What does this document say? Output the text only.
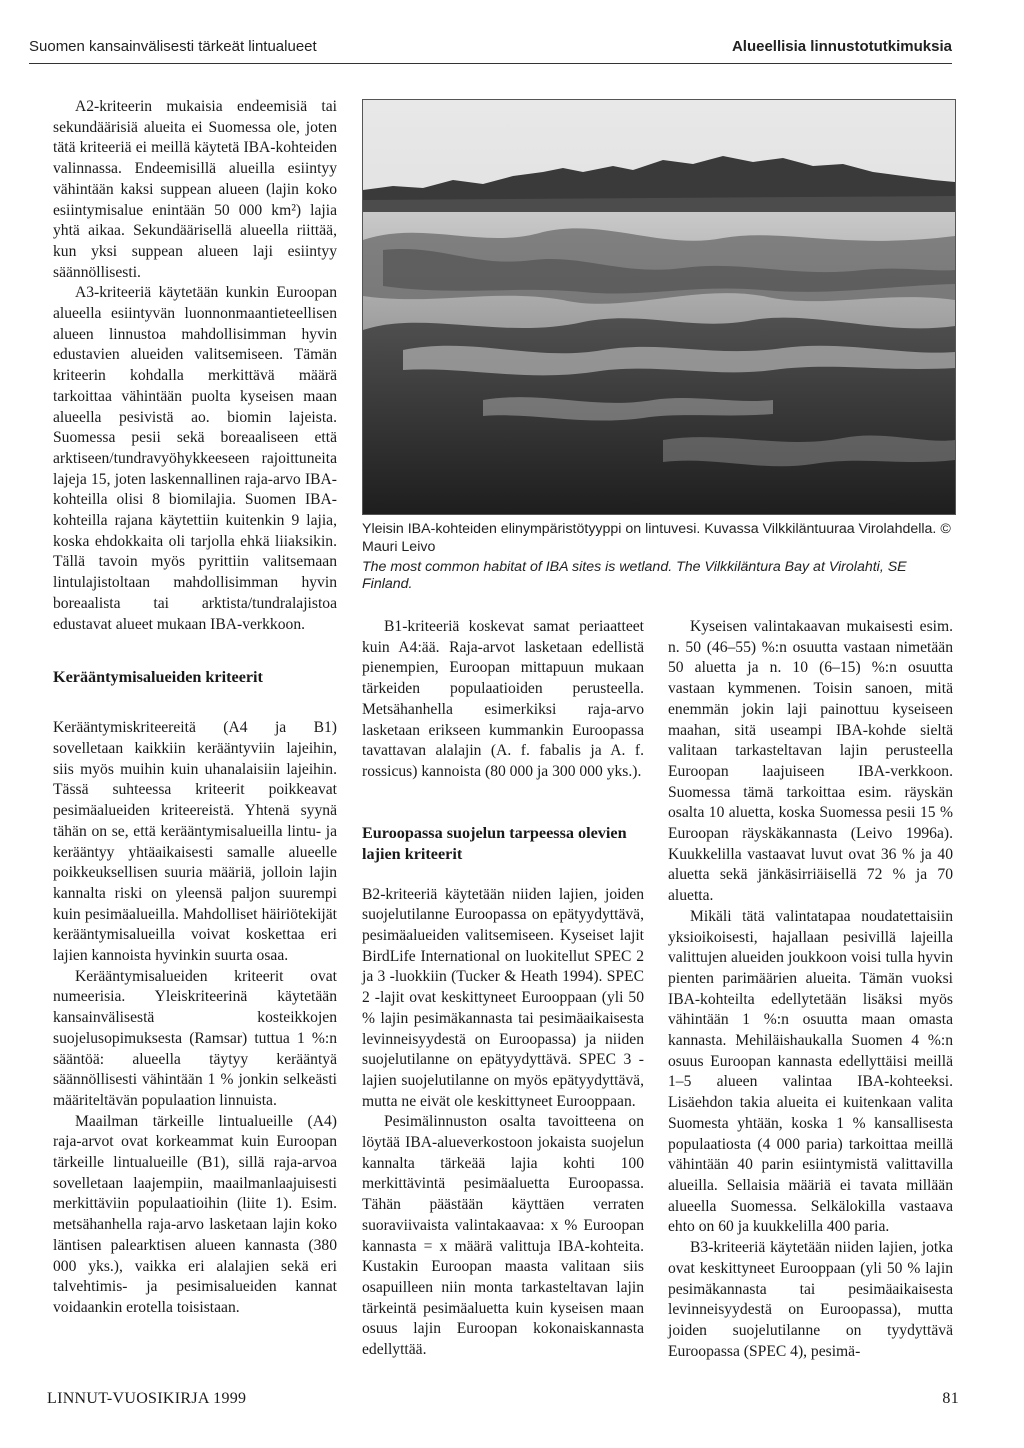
Suomen kansainvälisesti tärkeät lintualueet	Alueellisia linnustotutkimuksia

A2-kriteerin mukaisia endeemisiä tai sekundäärisiä alueita ei Suomessa ole, joten tätä kriteeriä ei meillä käytetä IBA-kohteiden valinnassa. Endeemisillä alueilla esiintyy vähintään kaksi suppean alueen (lajin koko esiintymisalue enintään 50 000 km²) lajia yhtä aikaa. Sekundäärisellä alueella riittää, kun yksi suppean alueen laji esiintyy säännöllisesti.

A3-kriteeriä käytetään kunkin Euroopan alueella esiintyvän luonnonmaantieteellisen alueen linnustoa mahdollisimman hyvin edustavien alueiden valitsemiseen. Tämän kriteerin kohdalla merkittävä määrä tarkoittaa vähintään puolta kyseisen maan alueella pesivistä ao. biomin lajeista. Suomessa pesii sekä boreaaliseen että arktiseen/tundravyöhykkeeseen rajoittuneita lajeja 15, joten laskennallinen raja-arvo IBA-kohteilla olisi 8 biomilajia. Suomen IBA-kohteilla rajana käytettiin kuitenkin 9 lajia, koska ehdokkaita oli tarjolla ehkä liiaksikin. Tällä tavoin myös pyrittiin valitsemaan lintulajistoltaan mahdollisimman hyvin boreaalista tai arktista/tundralajistoa edustavat alueet mukaan IBA-verkkoon.

Kerääntymisalueiden kriteerit

Kerääntymiskriteereitä (A4 ja B1) sovelletaan kaikkiin kerääntyviin lajeihin, siis myös muihin kuin uhanalaisiin lajeihin. Tässä suhteessa kriteerit poikkeavat pesimäalueiden kriteereistä. Yhtenä syynä tähän on se, että kerääntymisalueilla lintu- ja kerääntyy yhtäaikaisesti samalle alueelle poikkeuksellisen suuria määriä, jolloin lajin kannalta riski on yleensä paljon suurempi kuin pesimäalueilla. Mahdolliset häiriötekijät kerääntymisalueilla voivat koskettaa eri lajien kannoista hyvinkin suurta osaa.

Kerääntymisalueiden kriteerit ovat numeerisia. Yleiskriteerinä käytetään kansainvälisestä kosteikkojen suojelusopimuksesta (Ramsar) tuttua 1 %:n sääntöä: alueella täytyy kerääntyä säännöllisesti vähintään 1 % jonkin selkeästi määriteltävän populaation linnuista.

Maailman tärkeille lintualueille (A4) raja-arvot ovat korkeammat kuin Euroopan tärkeille lintualueille (B1), sillä raja-arvoa sovelletaan laajempiin, maailmanlaajuisesti merkittäviin populaatioihin (liite 1). Esim. metsähanhella raja-arvo lasketaan lajin koko läntisen palearktisen alueen kannasta (380 000 yks.), vaikka eri alalajien sekä eri talvehtimis- ja pesimisalueiden kannat voidaankin erotella toisistaan.

Yleisin IBA-kohteiden elinympäristötyyppi on lintuvesi. Kuvassa Vilkkiläntuuraa Virolahdella. © Mauri Leivo

The most common habitat of IBA sites is wetland. The Vilkkiläntura Bay at Virolahti, SE Finland.

B1-kriteeriä koskevat samat periaatteet kuin A4:ää. Raja-arvot lasketaan edellistä pienempien, Euroopan mittapuun mukaan tärkeiden populaatioiden perusteella. Metsähanhella esimerkiksi raja-arvo lasketaan erikseen kummankin Euroopassa tavattavan alalajin (A. f. fabalis ja A. f. rossicus) kannoista (80 000 ja 300 000 yks.).

Euroopassa suojelun tarpeessa olevien lajien kriteerit

B2-kriteeriä käytetään niiden lajien, joiden suojelutilanne Euroopassa on epätyydyttävä, pesimäalueiden valitsemiseen. Kyseiset lajit BirdLife International on luokitellut SPEC 2 ja 3 -luokkiin (Tucker & Heath 1994). SPEC 2 -lajit ovat keskittyneet Eurooppaan (yli 50 % lajin pesimäkannasta tai pesimäaikaisesta levinneisyydestä on Euroopassa) ja niiden suojelutilanne on epätyydyttävä. SPEC 3 -lajien suojelutilanne on myös epätyydyttävä, mutta ne eivät ole keskittyneet Eurooppaan.

Pesimälinnuston osalta tavoitteena on löytää IBA-alueverkostoon jokaista suojelun kannalta tärkeää lajia kohti 100 merkittävintä pesimäaluetta Euroopassa. Tähän päästään käyttäen verraten suoraviivaista valintakaavaa: x % Euroopan kannasta = x määrä valittuja IBA-kohteita. Kustakin Euroopan maasta valitaan siis osapuilleen niin monta tarkasteltavan lajin tärkeintä pesimäaluetta kuin kyseisen maan osuus lajin Euroopan kokonaiskannasta edellyttää.

Kyseisen valintakaavan mukaisesti esim. n. 50 (46–55) %:n osuutta vastaan nimetään 50 aluetta ja n. 10 (6–15) %:n osuutta vastaan kymmenen. Toisin sanoen, mitä enemmän jokin laji painottuu kyseiseen maahan, sitä useampi IBA-kohde sieltä valitaan tarkasteltavan lajin perusteella Euroopan laajuiseen IBA-verkkoon. Suomessa tämä tarkoittaa esim. räyskän osalta 10 aluetta, koska Suomessa pesii 15 % Euroopan räyskäkannasta (Leivo 1996a). Kuukkelilla vastaavat luvut ovat 36 % ja 40 aluetta sekä jänkäsirriäisellä 72 % ja 70 aluetta.

Mikäli tätä valintatapaa noudatettaisiin yksioikoisesti, hajallaan pesivillä lajeilla valittujen alueiden joukkoon voisi tulla hyvin pienten parimäärien alueita. Tämän vuoksi IBA-kohteilta edellytetään lisäksi myös vähintään 1 %:n osuutta maan omasta kannasta. Mehiläishaukalla Suomen 4 %:n osuus Euroopan kannasta edellyttäisi meillä 1–5 alueen valintaa IBA-kohteeksi. Lisäehdon takia alueita ei kuitenkaan valita Suomesta yhtään, koska 1 % kansallisesta populaatiosta (4 000 paria) tarkoittaa meillä vähintään 40 parin esiintymistä valittavilla alueilla. Sellaisia määriä ei tavata millään alueella Suomessa. Selkälokilla vastaava ehto on 60 ja kuukkelilla 400 paria.

B3-kriteeriä käytetään niiden lajien, jotka ovat keskittyneet Eurooppaan (yli 50 % lajin pesimäkannasta tai pesimäaikaisesta levinneisyydestä on Euroopassa), mutta joiden suojelutilanne on tyydyttävä Euroopassa (SPEC 4), pesimä-

LINNUT-VUOSIKIRJA 1999	81
